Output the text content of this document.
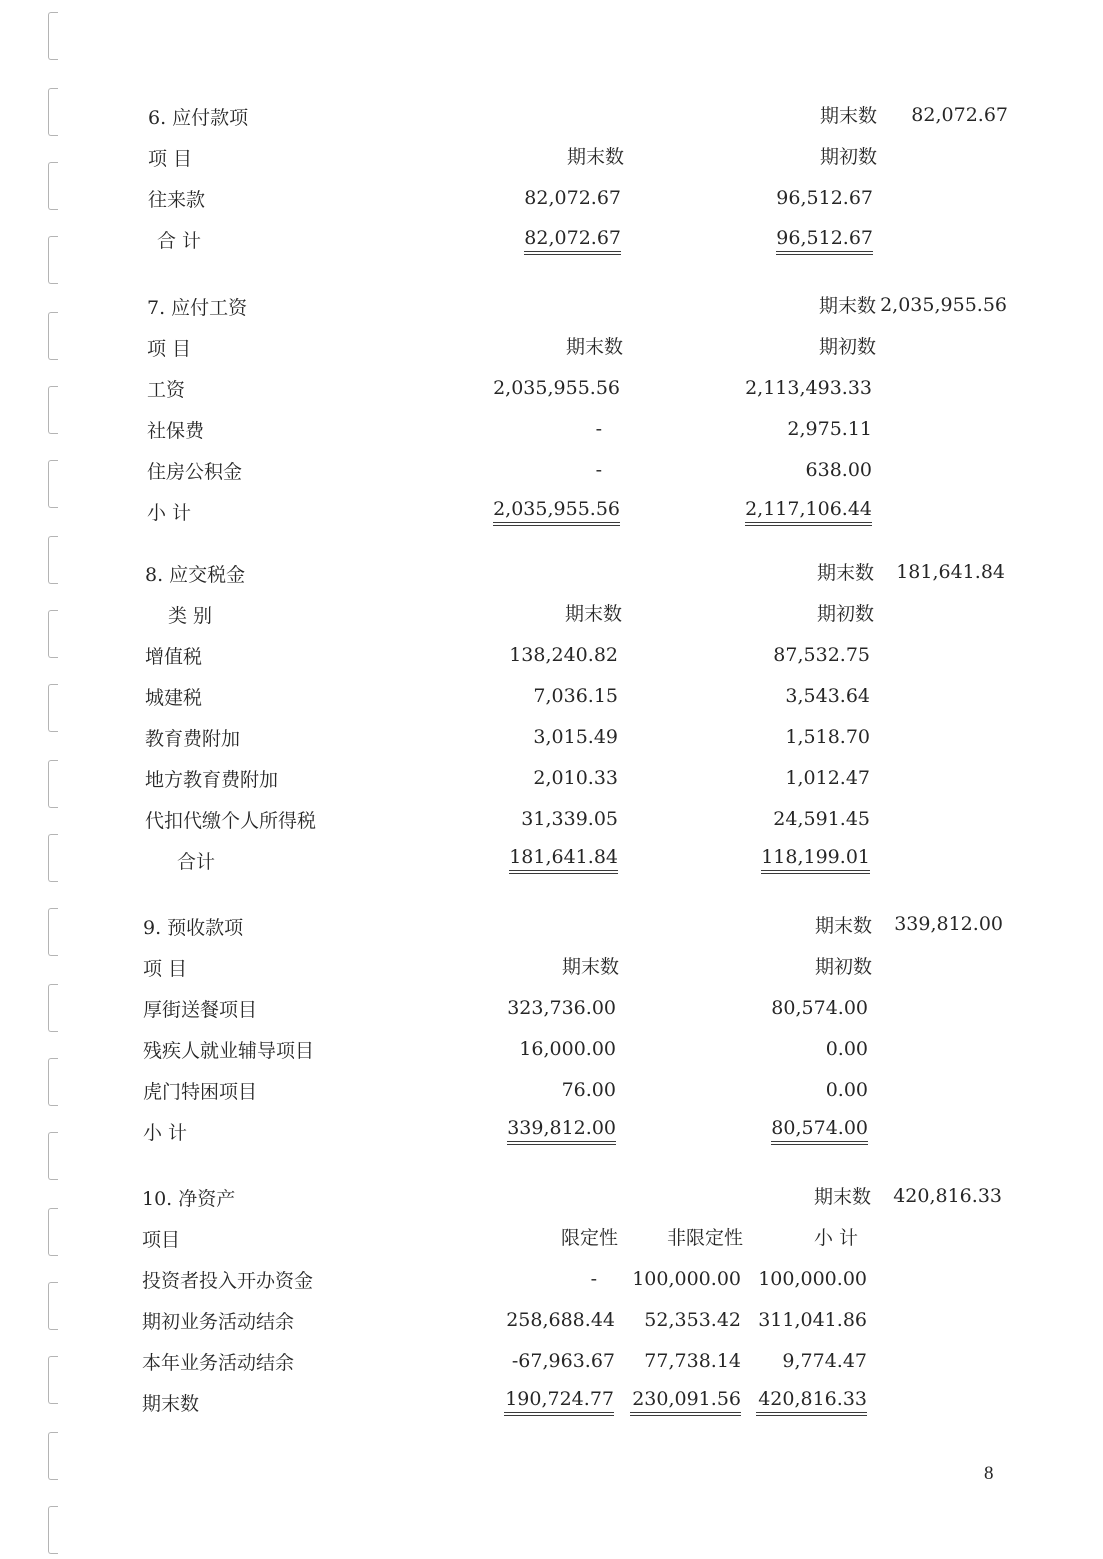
6. 应付款项	期末数 82,072.67
项 目	期末数	期初数
往来款	82,072.67	96,512.67
合 计	82,072.67	96,512.67
7. 应付工资	期末数 2,035,955.56
项 目	期末数	期初数
工资	2,035,955.56	2,113,493.33
社保费	-	2,975.11
住房公积金	-	638.00
小 计	2,035,955.56	2,117,106.44
8. 应交税金	期末数 181,641.84
类 别	期末数	期初数
增值税	138,240.82	87,532.75
城建税	7,036.15	3,543.64
教育费附加	3,015.49	1,518.70
地方教育费附加	2,010.33	1,012.47
代扣代缴个人所得税	31,339.05	24,591.45
合计	181,641.84	118,199.01
9. 预收款项	期末数 339,812.00
项 目	期末数	期初数
厚街送餐项目	323,736.00	80,574.00
残疾人就业辅导项目	16,000.00	0.00
虎门特困项目	76.00	0.00
小 计	339,812.00	80,574.00
10. 净资产	期末数 420,816.33
项目	限定性	非限定性	小 计
投资者投入开办资金	- 100,000.00 100,000.00
期初业务活动结余	258,688.44 52,353.42 311,041.86
本年业务活动结余	-67,963.67 77,738.14 9,774.47
期末数	190,724.77 230,091.56 420,816.33
8
